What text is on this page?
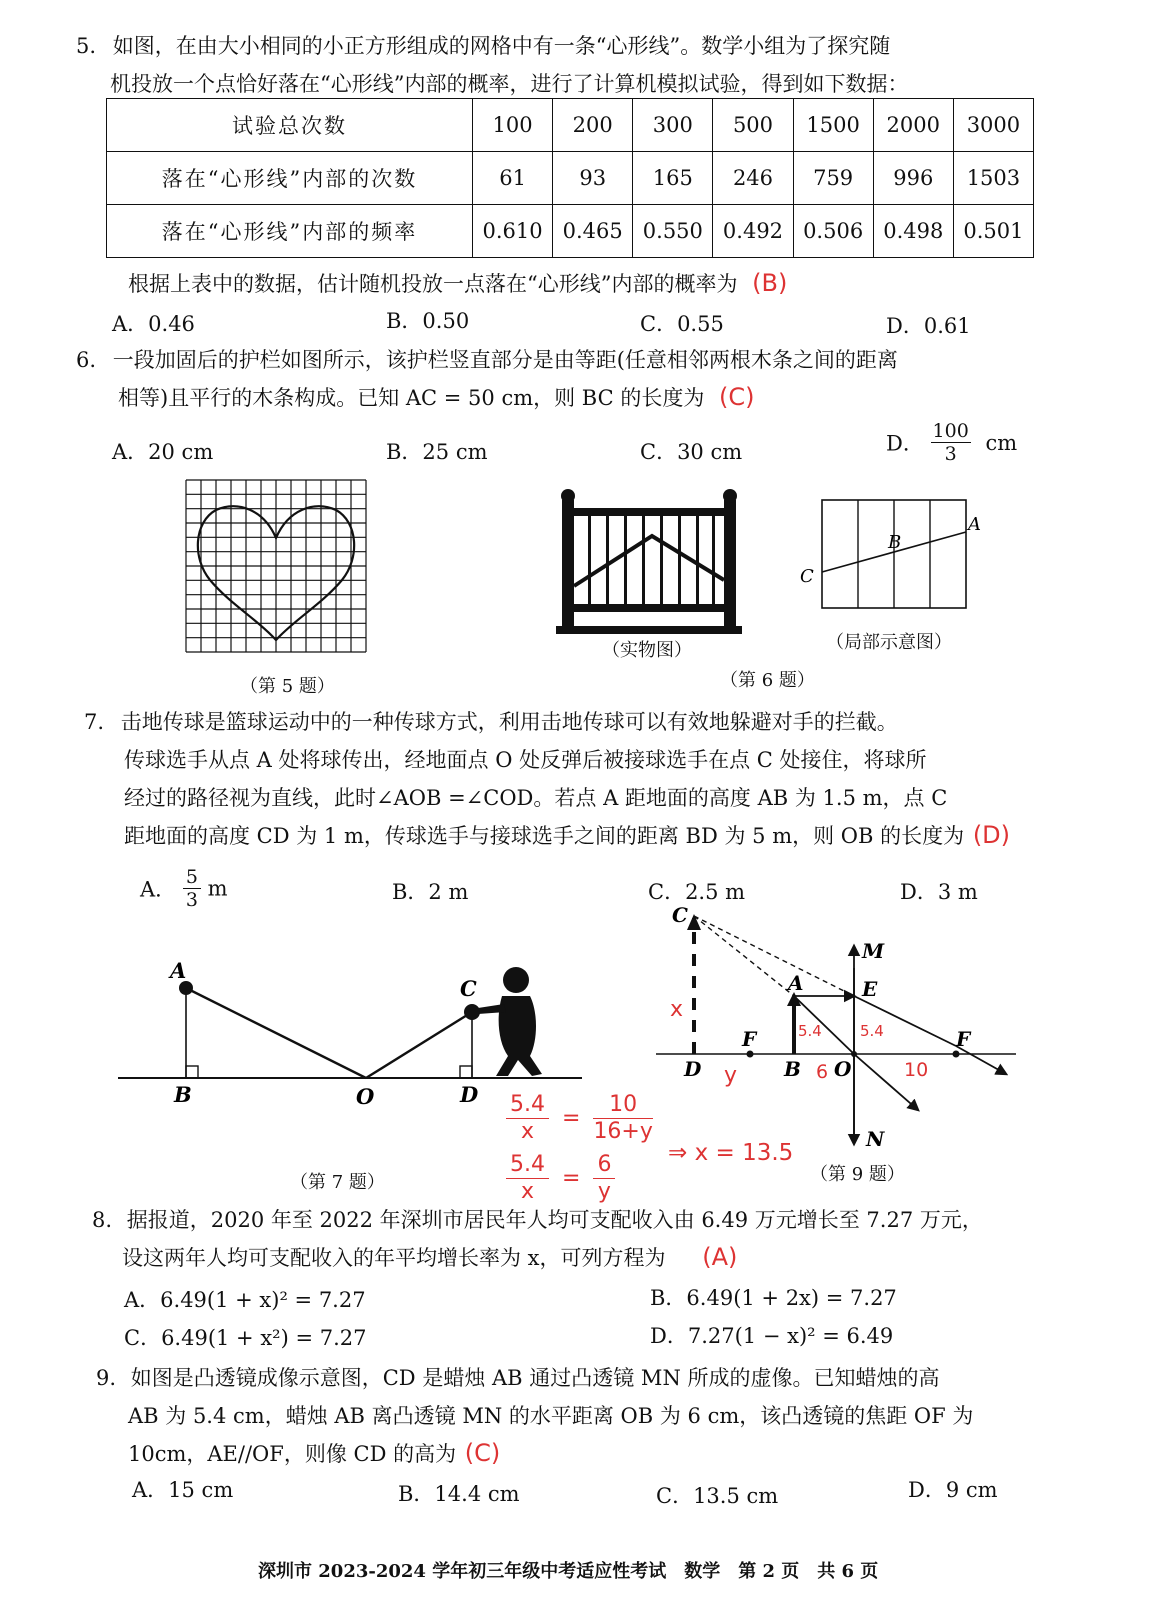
5. 如图，在由大小相同的小正方形组成的网格中有一条“心形线”。数学小组为了探究随
机投放一个点恰好落在“心形线”内部的概率，进行了计算机模拟试验，得到如下数据：
试验总次数	100	200	300	500	1500	2000	3000
落在“心形线”内部的次数	61	93	165	246	759	996	1503
落在“心形线”内部的频率	0.610	0.465	0.550	0.492	0.506	0.498	0.501
根据上表中的数据，估计随机投放一点落在“心形线”内部的概率为 (B)
A．0.46	B．0.50	C．0.55	D．0.61
6. 一段加固后的护栏如图所示，该护栏竖直部分是由等距(任意相邻两根木条之间的距离
相等)且平行的木条构成。已知 AC = 50 cm，则 BC 的长度为 (C)
A．20 cm	B．25 cm	C．30 cm	D． $\frac{100}{3}$ cm
（第 5 题）
（实物图）
A
B
C
（局部示意图）
（第 6 题）
7. 击地传球是篮球运动中的一种传球方式，利用击地传球可以有效地躲避对手的拦截。
传球选手从点 A 处将球传出，经地面点 O 处反弹后被接球选手在点 C 处接住，将球所
经过的路径视为直线，此时∠AOB =∠COD。若点 A 距地面的高度 AB 为 1.5 m，点 C
距地面的高度 CD 为 1 m，传球选手与接球选手之间的距离 BD 为 5 m，则 OB 的长度为 (D)
A． $\frac{5}{3}$ m	B．2 m	C．2.5 m	D．3 m
A
B	O
C
D
（第 7 题）
$\frac{5.4}{x} = \frac{10}{16+y}$
$\frac{5.4}{x} = \frac{6}{y}$ ⇒ x = 13.5
C
D
F
B
A
O
E
M
N
F
x
y
5.4	5.4
6	10
（第 9 题）
8. 据报道，2020 年至 2022 年深圳市居民年人均可支配收入由 6.49 万元增长至 7.27 万元，
设这两年人均可支配收入的年平均增长率为 x，可列方程为 (A)
A．6.49(1 + x)² = 7.27	B．6.49(1 + 2x) = 7.27
C．6.49(1 + x²) = 7.27	D．7.27(1 − x)² = 6.49
9. 如图是凸透镜成像示意图，CD 是蜡烛 AB 通过凸透镜 MN 所成的虚像。已知蜡烛的高
AB 为 5.4 cm，蜡烛 AB 离凸透镜 MN 的水平距离 OB 为 6 cm，该凸透镜的焦距 OF 为
10cm，AE//OF，则像 CD 的高为 (C)
A．15 cm	B．14.4 cm	C．13.5 cm	D．9 cm
深圳市 2023-2024 学年初三年级中考适应性考试　数学　第 2 页　共 6 页
